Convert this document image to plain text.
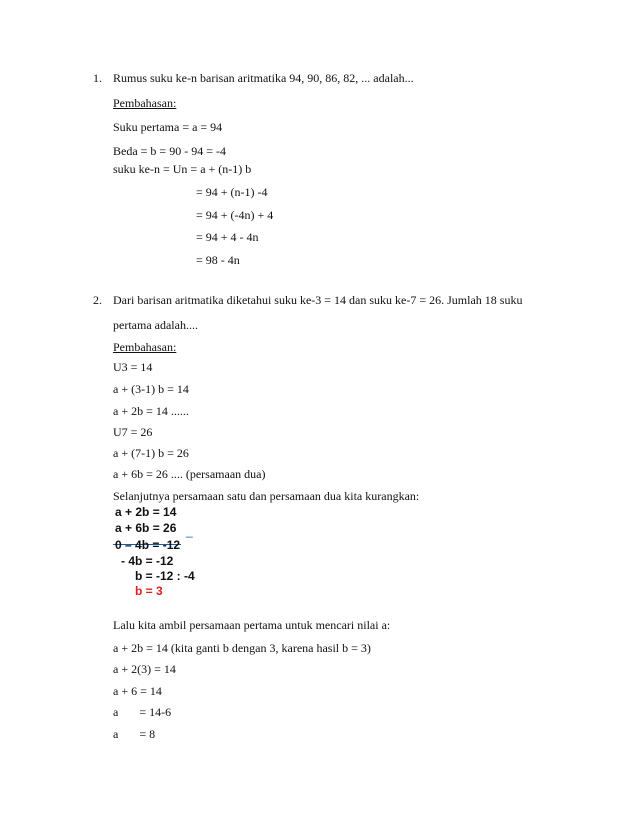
1. Rumus suku ke-n barisan aritmatika 94, 90, 86, 82, ... adalah...
Pembahasan:
Suku pertama = a = 94
Beda = b = 90 - 94 = -4
suku ke-n = Un = a + (n-1) b
= 94 + (n-1) -4
= 94 + (-4n) + 4
= 94 + 4 - 4n
= 98 - 4n
2. Dari barisan aritmatika diketahui suku ke-3 = 14 dan suku ke-7 = 26. Jumlah 18 suku
pertama adalah....
Pembahasan:
U3 = 14
a + (3-1) b = 14
a + 2b = 14 ......
U7 = 26
a + (7-1) b = 26
a + 6b = 26 .... (persamaan dua)
Selanjutnya persamaan satu dan persamaan dua kita kurangkan:
a + 2b = 14
a + 6b = 26 _
0 – 4b = -12
- 4b = -12
b = -12 : -4
b = 3
Lalu kita ambil persamaan pertama untuk mencari nilai a:
a + 2b = 14 (kita ganti b dengan 3, karena hasil b = 3)
a + 2(3) = 14
a + 6 = 14
a       = 14-6
a       = 8
